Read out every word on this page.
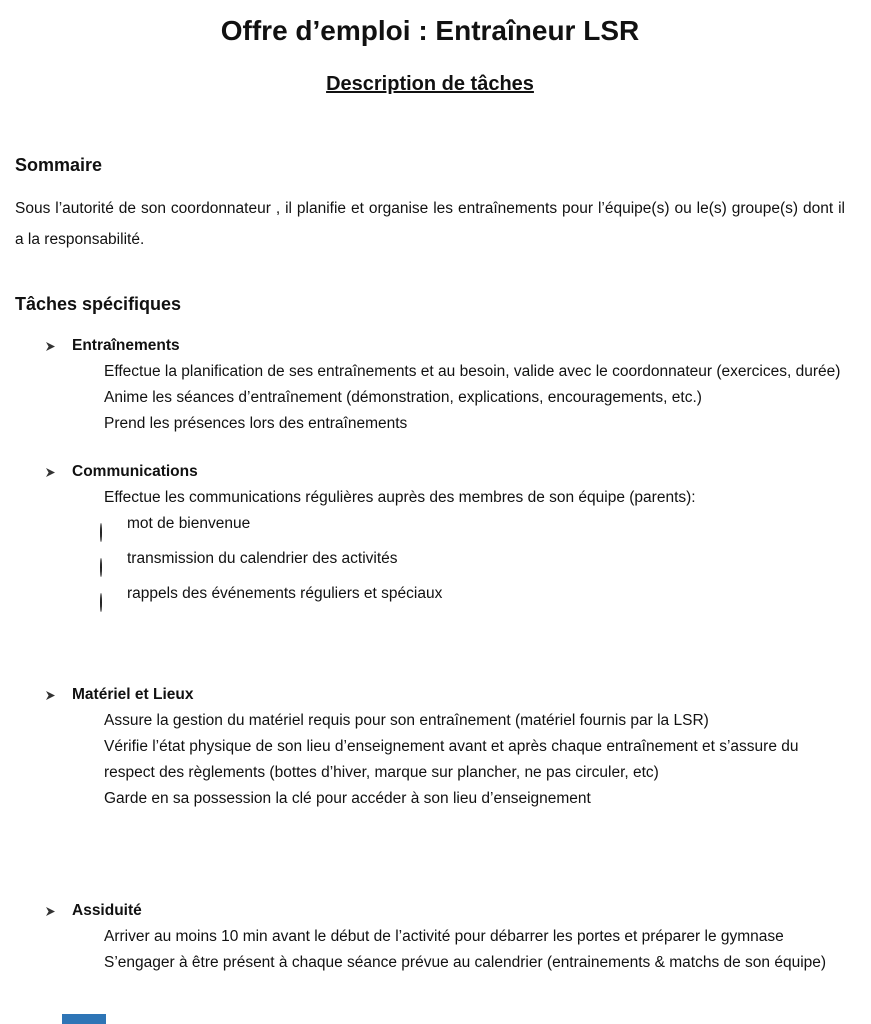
Offre d’emploi : Entraîneur LSR
Description de tâches
Sommaire
Sous l’autorité de son coordonnateur , il planifie et organise les entraînements pour l’équipe(s) ou le(s) groupe(s) dont il a la responsabilité.
Tâches spécifiques
Entraînements
Effectue la planification de ses entraînements et au besoin, valide avec le coordonnateur (exercices, durée)
Anime les séances d’entraînement (démonstration, explications, encouragements, etc.)
Prend les présences lors des entraînements
Communications
Effectue les communications régulières auprès des membres de son équipe (parents):
mot de bienvenue
transmission du calendrier des activités
rappels des événements réguliers et spéciaux
Matériel et Lieux
Assure la gestion du matériel requis pour son entraînement (matériel fournis par la LSR)
Vérifie l’état physique de son lieu d’enseignement avant et après chaque entraînement et s’assure du respect des règlements (bottes d’hiver, marque sur plancher, ne pas circuler, etc)
Garde en sa possession la clé pour accéder à son lieu d’enseignement
Assiduité
Arriver au moins 10 min avant le début de l’activité pour débarrer les portes et préparer le gymnase
S’engager à être présent à chaque séance prévue au calendrier (entrainements & matchs de son équipe)
